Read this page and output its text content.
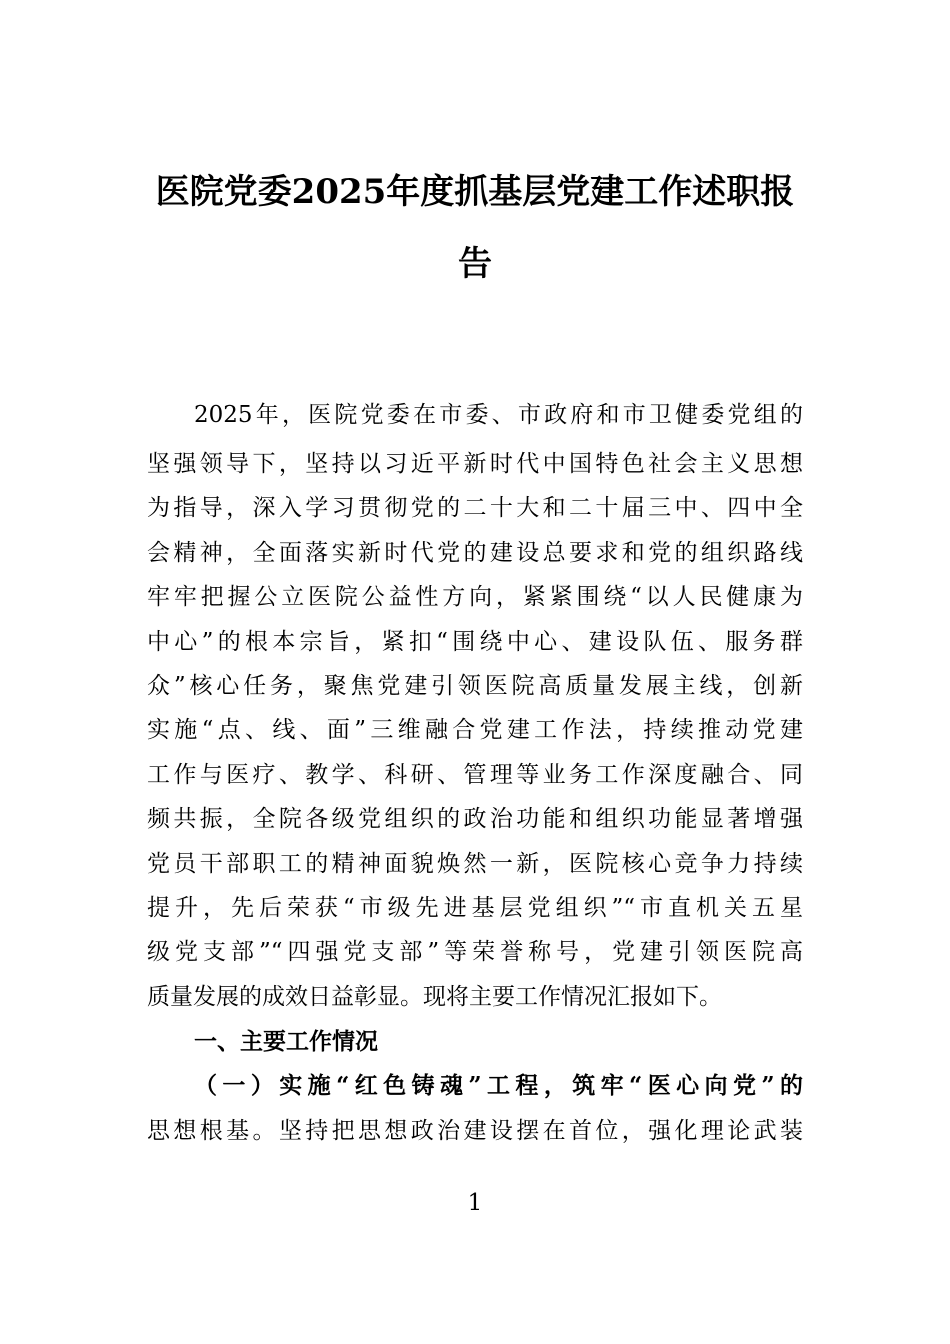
医院党委2025年度抓基层党建工作述职报
告

2025年，医院党委在市委、市政府和市卫健委党组的

坚强领导下，坚持以习近平新时代中国特色社会主义思想

为指导，深入学习贯彻党的二十大和二十届三中、四中全

会精神，全面落实新时代党的建设总要求和党的组织路线

牢牢把握公立医院公益性方向，紧紧围绕“以人民健康为

中心”的根本宗旨，紧扣“围绕中心、建设队伍、服务群

众”核心任务，聚焦党建引领医院高质量发展主线，创新

实施“点、线、面”三维融合党建工作法，持续推动党建

工作与医疗、教学、科研、管理等业务工作深度融合、同

频共振，全院各级党组织的政治功能和组织功能显著增强

党员干部职工的精神面貌焕然一新，医院核心竞争力持续

提升，先后荣获“市级先进基层党组织”“市直机关五星

级党支部”“四强党支部”等荣誉称号，党建引领医院高

质量发展的成效日益彰显。现将主要工作情况汇报如下。

一、主要工作情况

（一）实施“红色铸魂”工程，筑牢“医心向党”的

思想根基。坚持把思想政治建设摆在首位，强化理论武装

1
